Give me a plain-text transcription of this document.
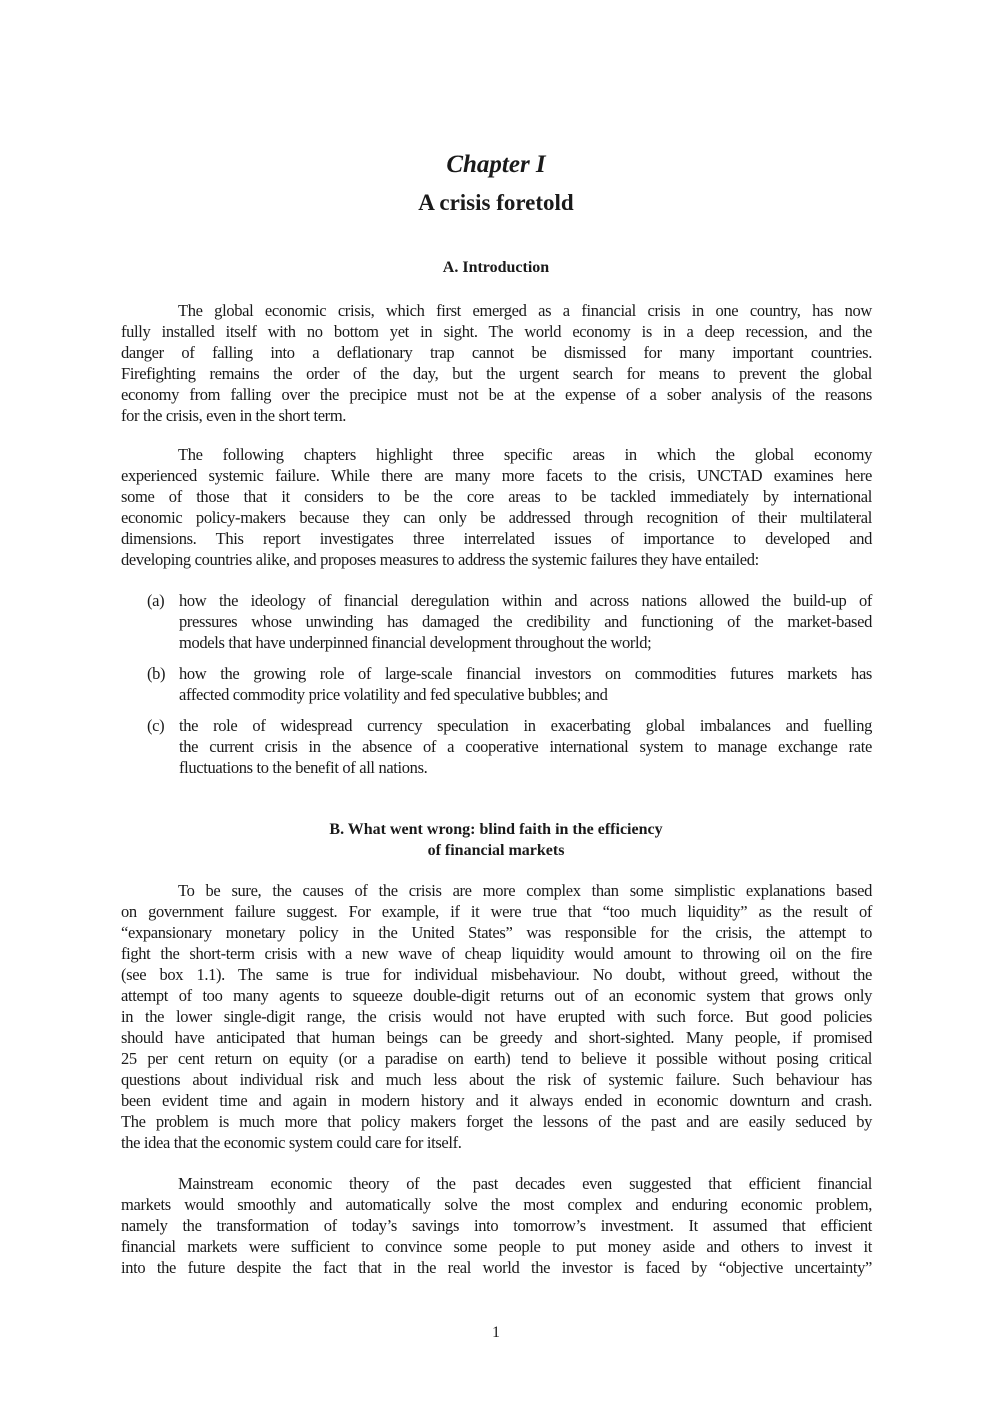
Chapter I
A crisis foretold
A. Introduction
The global economic crisis, which first emerged as a financial crisis in one country, has now
fully installed itself with no bottom yet in sight. The world economy is in a deep recession, and the
danger of falling into a deflationary trap cannot be dismissed for many important countries.
Firefighting remains the order of the day, but the urgent search for means to prevent the global
economy from falling over the precipice must not be at the expense of a sober analysis of the reasons
for the crisis, even in the short term.
The following chapters highlight three specific areas in which the global economy
experienced systemic failure. While there are many more facets to the crisis, UNCTAD examines here
some of those that it considers to be the core areas to be tackled immediately by international
economic policy-makers because they can only be addressed through recognition of their multilateral
dimensions. This report investigates three interrelated issues of importance to developed and
developing countries alike, and proposes measures to address the systemic failures they have entailed:
(a) how the ideology of financial deregulation within and across nations allowed the build-up of
pressures whose unwinding has damaged the credibility and functioning of the market-based
models that have underpinned financial development throughout the world;
(b) how the growing role of large-scale financial investors on commodities futures markets has
affected commodity price volatility and fed speculative bubbles; and
(c) the role of widespread currency speculation in exacerbating global imbalances and fuelling
the current crisis in the absence of a cooperative international system to manage exchange rate
fluctuations to the benefit of all nations.
B. What went wrong: blind faith in the efficiency
of financial markets
To be sure, the causes of the crisis are more complex than some simplistic explanations based
on government failure suggest. For example, if it were true that “too much liquidity” as the result of
“expansionary monetary policy in the United States” was responsible for the crisis, the attempt to
fight the short-term crisis with a new wave of cheap liquidity would amount to throwing oil on the fire
(see box 1.1). The same is true for individual misbehaviour. No doubt, without greed, without the
attempt of too many agents to squeeze double-digit returns out of an economic system that grows only
in the lower single-digit range, the crisis would not have erupted with such force. But good policies
should have anticipated that human beings can be greedy and short-sighted. Many people, if promised
25 per cent return on equity (or a paradise on earth) tend to believe it possible without posing critical
questions about individual risk and much less about the risk of systemic failure. Such behaviour has
been evident time and again in modern history and it always ended in economic downturn and crash.
The problem is much more that policy makers forget the lessons of the past and are easily seduced by
the idea that the economic system could care for itself.
Mainstream economic theory of the past decades even suggested that efficient financial
markets would smoothly and automatically solve the most complex and enduring economic problem,
namely the transformation of today’s savings into tomorrow’s investment. It assumed that efficient
financial markets were sufficient to convince some people to put money aside and others to invest it
into the future despite the fact that in the real world the investor is faced by “objective uncertainty”
1
